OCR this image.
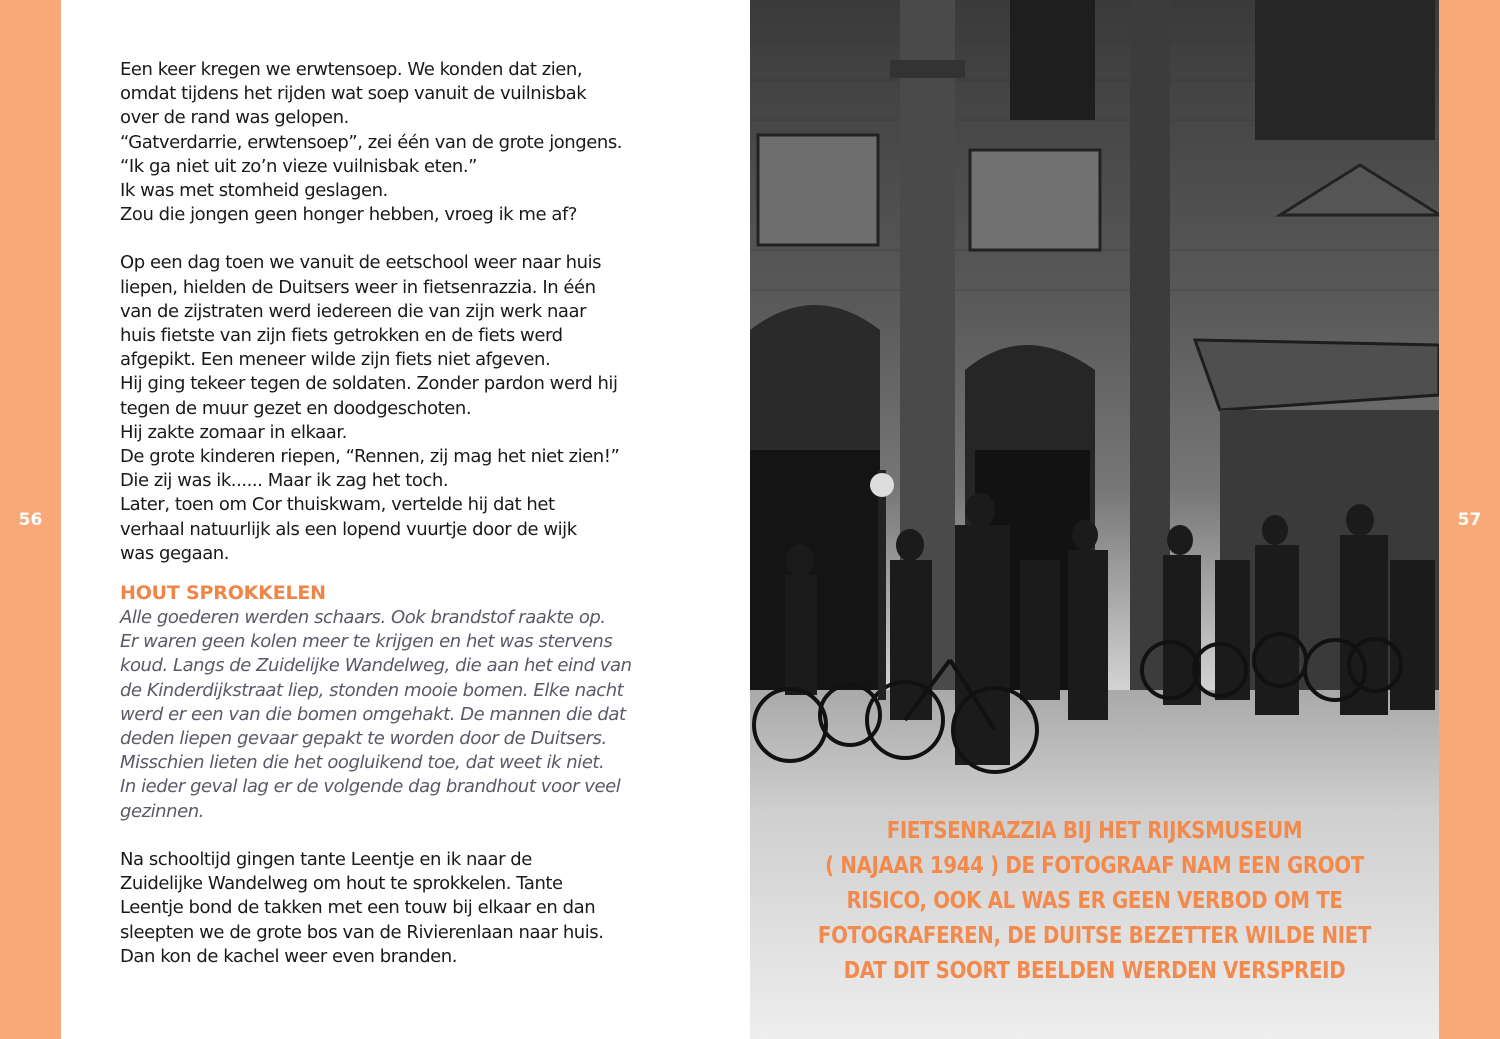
56

Een keer kregen we erwtensoep. We konden dat zien,

omdat tijdens het rijden wat soep vanuit de vuilnisbak

over de rand was gelopen.

“Gatverdarrie, erwtensoep”, zei één van de grote jongens.

“Ik ga niet uit zo’n vieze vuilnisbak eten.”

Ik was met stomheid geslagen.

Zou die jongen geen honger hebben, vroeg ik me af?

Op een dag toen we vanuit de eetschool weer naar huis

liepen, hielden de Duitsers weer in fietsenrazzia. In één

van de zijstraten werd iedereen die van zijn werk naar

huis fietste van zijn fiets getrokken en de fiets werd

afgepikt. Een meneer wilde zijn fiets niet afgeven.

Hij ging tekeer tegen de soldaten. Zonder pardon werd hij

tegen de muur gezet en doodgeschoten.

Hij zakte zomaar in elkaar.

De grote kinderen riepen, “Rennen, zij mag het niet zien!”

Die zij was ik...... Maar ik zag het toch.

Later, toen om Cor thuiskwam, vertelde hij dat het

verhaal natuurlijk als een lopend vuurtje door de wijk

was gegaan.

HOUT SPROKKELEN

Alle goederen werden schaars. Ook brandstof raakte op.

Er waren geen kolen meer te krijgen en het was stervens

koud. Langs de Zuidelijke Wandelweg, die aan het eind van

de Kinderdijkstraat liep, stonden mooie bomen. Elke nacht

werd er een van die bomen omgehakt. De mannen die dat

deden liepen gevaar gepakt te worden door de Duitsers.

Misschien lieten die het oogluikend toe, dat weet ik niet.

In ieder geval lag er de volgende dag brandhout voor veel

gezinnen.

Na schooltijd gingen tante Leentje en ik naar de

Zuidelijke Wandelweg om hout te sprokkelen. Tante

Leentje bond de takken met een touw bij elkaar en dan

sleepten we de grote bos van de Rivierenlaan naar huis.

Dan kon de kachel weer even branden.

FIETSENRAZZIA BIJ HET RIJKSMUSEUM
( NAJAAR 1944 ) DE FOTOGRAAF NAM EEN GROOT
RISICO, OOK AL WAS ER GEEN VERBOD OM TE
FOTOGRAFEREN, DE DUITSE BEZETTER WILDE NIET
DAT DIT SOORT BEELDEN WERDEN VERSPREID
57
